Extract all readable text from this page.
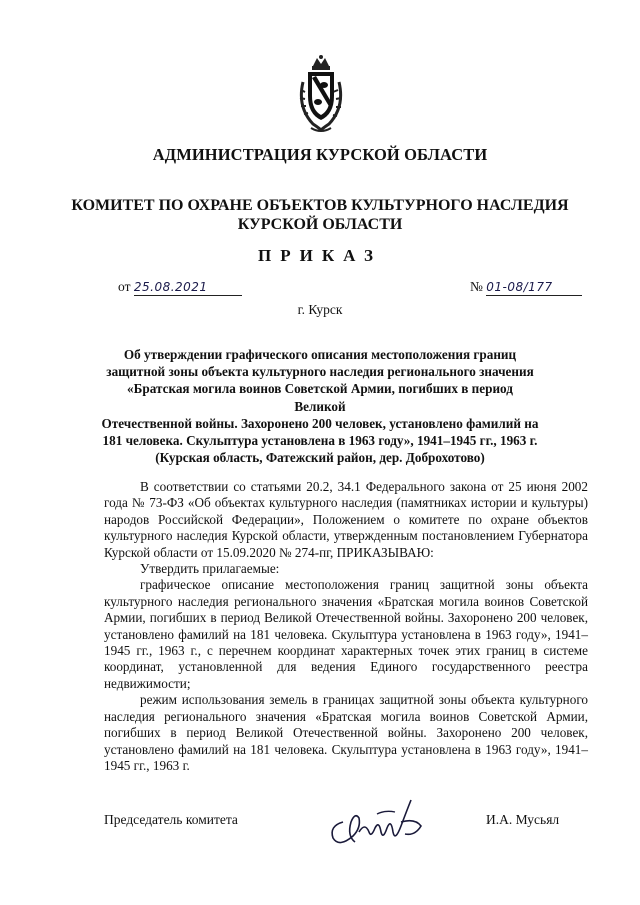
АДМИНИСТРАЦИЯ КУРСКОЙ ОБЛАСТИ
КОМИТЕТ ПО ОХРАНЕ ОБЪЕКТОВ КУЛЬТУРНОГО НАСЛЕДИЯ
КУРСКОЙ ОБЛАСТИ
ПРИКАЗ
от 25.08.2021	№ 01-08/177
г. Курск
Об утверждении графического описания местоположения границ
защитной зоны объекта культурного наследия регионального значения
«Братская могила воинов Советской Армии, погибших в период Великой
Отечественной войны. Захоронено 200 человек, установлено фамилий на
181 человека. Скульптура установлена в 1963 году», 1941–1945 гг., 1963 г.
(Курская область, Фатежский район, дер. Доброхотово)

В соответствии со статьями 20.2, 34.1 Федерального закона от 25 июня 2002 года № 73-ФЗ «Об объектах культурного наследия (памятниках истории и культуры) народов Российской Федерации», Положением о комитете по охране объектов культурного наследия Курской области, утвержденным постановлением Губернатора Курской области от 15.09.2020 № 274-пг, ПРИКАЗЫВАЮ:

Утвердить прилагаемые:

графическое описание местоположения границ защитной зоны объекта культурного наследия регионального значения «Братская могила воинов Советской Армии, погибших в период Великой Отечественной войны. Захоронено 200 человек, установлено фамилий на 181 человека. Скульптура установлена в 1963 году», 1941–1945 гг., 1963 г., с перечнем координат характерных точек этих границ в системе координат, установленной для ведения Единого государственного реестра недвижимости;

режим использования земель в границах защитной зоны объекта культурного наследия регионального значения «Братская могила воинов Советской Армии, погибших в период Великой Отечественной войны. Захоронено 200 человек, установлено фамилий на 181 человека. Скульптура установлена в 1963 году», 1941–1945 гг., 1963 г.

Председатель комитета	И.А. Мусьял
